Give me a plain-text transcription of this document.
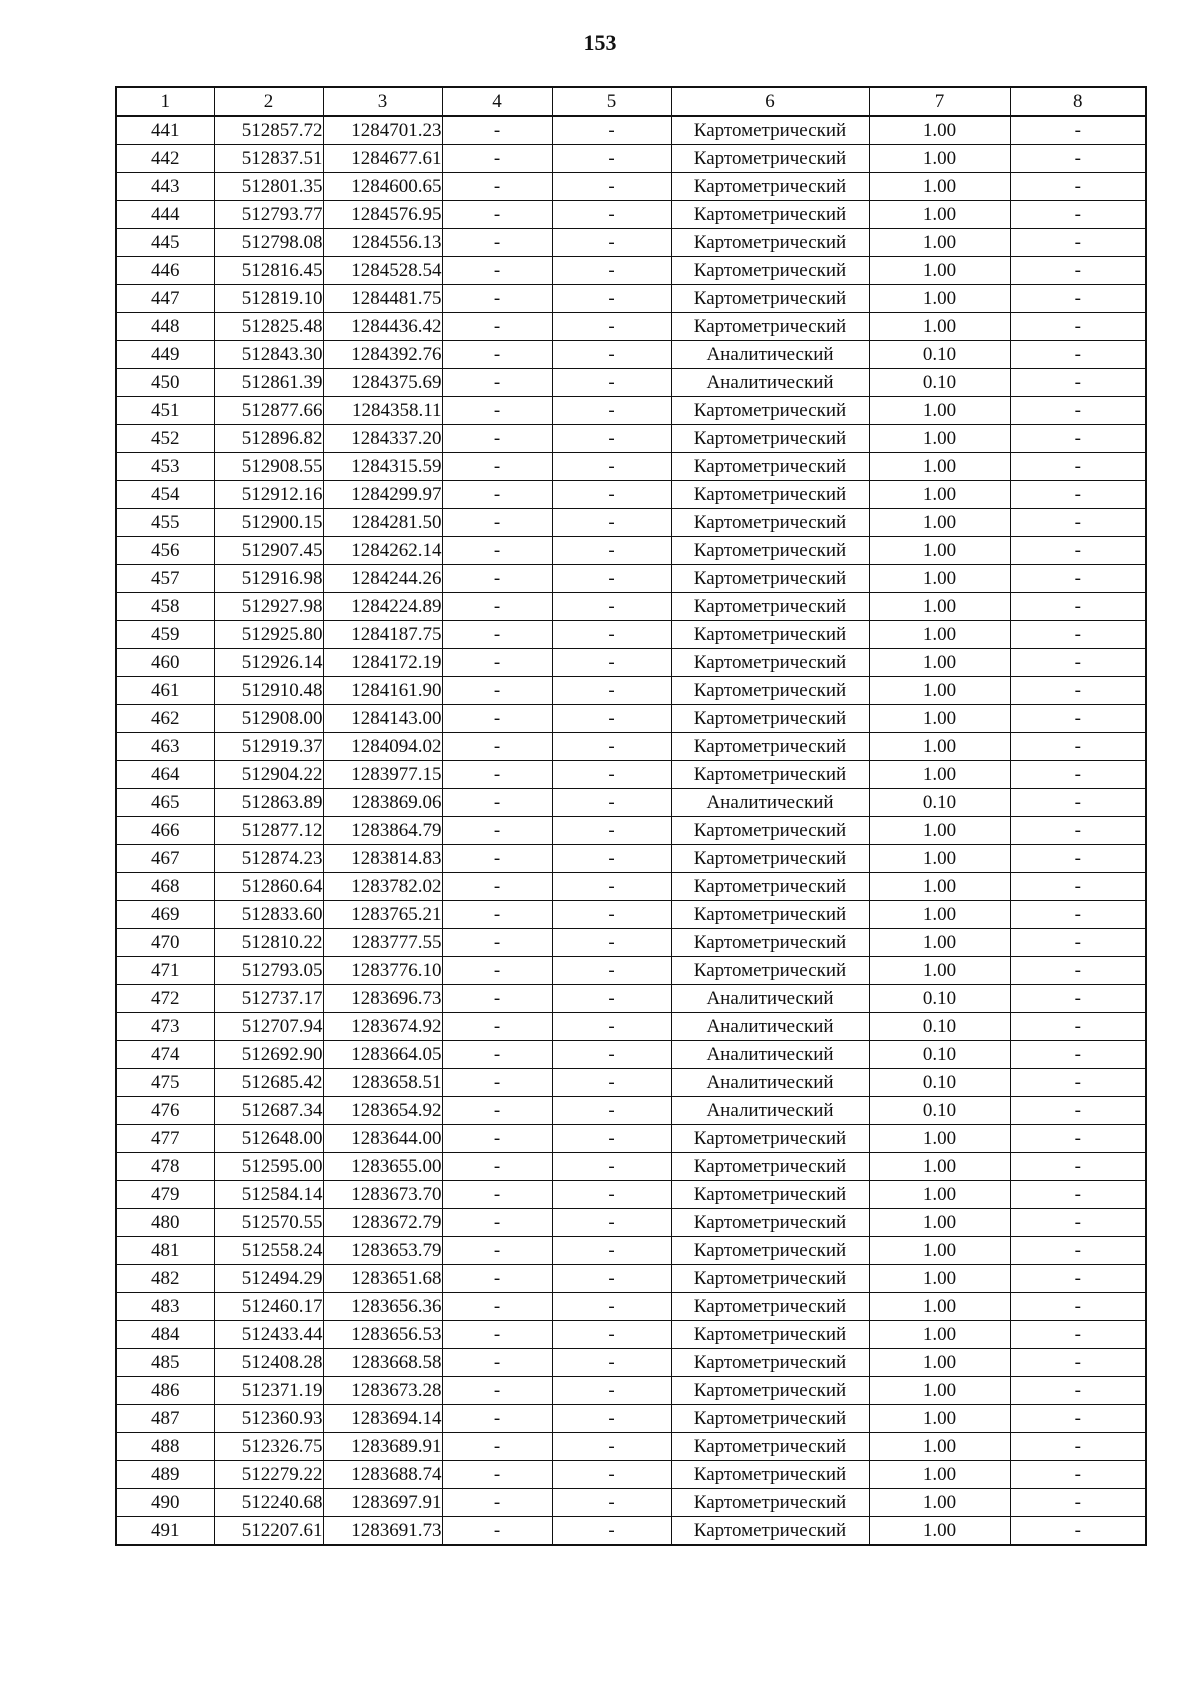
153
1	2	3	4	5	6	7	8
441	512857.72	1284701.23	-	-	Картометрический	1.00	-
442	512837.51	1284677.61	-	-	Картометрический	1.00	-
443	512801.35	1284600.65	-	-	Картометрический	1.00	-
444	512793.77	1284576.95	-	-	Картометрический	1.00	-
445	512798.08	1284556.13	-	-	Картометрический	1.00	-
446	512816.45	1284528.54	-	-	Картометрический	1.00	-
447	512819.10	1284481.75	-	-	Картометрический	1.00	-
448	512825.48	1284436.42	-	-	Картометрический	1.00	-
449	512843.30	1284392.76	-	-	Аналитический	0.10	-
450	512861.39	1284375.69	-	-	Аналитический	0.10	-
451	512877.66	1284358.11	-	-	Картометрический	1.00	-
452	512896.82	1284337.20	-	-	Картометрический	1.00	-
453	512908.55	1284315.59	-	-	Картометрический	1.00	-
454	512912.16	1284299.97	-	-	Картометрический	1.00	-
455	512900.15	1284281.50	-	-	Картометрический	1.00	-
456	512907.45	1284262.14	-	-	Картометрический	1.00	-
457	512916.98	1284244.26	-	-	Картометрический	1.00	-
458	512927.98	1284224.89	-	-	Картометрический	1.00	-
459	512925.80	1284187.75	-	-	Картометрический	1.00	-
460	512926.14	1284172.19	-	-	Картометрический	1.00	-
461	512910.48	1284161.90	-	-	Картометрический	1.00	-
462	512908.00	1284143.00	-	-	Картометрический	1.00	-
463	512919.37	1284094.02	-	-	Картометрический	1.00	-
464	512904.22	1283977.15	-	-	Картометрический	1.00	-
465	512863.89	1283869.06	-	-	Аналитический	0.10	-
466	512877.12	1283864.79	-	-	Картометрический	1.00	-
467	512874.23	1283814.83	-	-	Картометрический	1.00	-
468	512860.64	1283782.02	-	-	Картометрический	1.00	-
469	512833.60	1283765.21	-	-	Картометрический	1.00	-
470	512810.22	1283777.55	-	-	Картометрический	1.00	-
471	512793.05	1283776.10	-	-	Картометрический	1.00	-
472	512737.17	1283696.73	-	-	Аналитический	0.10	-
473	512707.94	1283674.92	-	-	Аналитический	0.10	-
474	512692.90	1283664.05	-	-	Аналитический	0.10	-
475	512685.42	1283658.51	-	-	Аналитический	0.10	-
476	512687.34	1283654.92	-	-	Аналитический	0.10	-
477	512648.00	1283644.00	-	-	Картометрический	1.00	-
478	512595.00	1283655.00	-	-	Картометрический	1.00	-
479	512584.14	1283673.70	-	-	Картометрический	1.00	-
480	512570.55	1283672.79	-	-	Картометрический	1.00	-
481	512558.24	1283653.79	-	-	Картометрический	1.00	-
482	512494.29	1283651.68	-	-	Картометрический	1.00	-
483	512460.17	1283656.36	-	-	Картометрический	1.00	-
484	512433.44	1283656.53	-	-	Картометрический	1.00	-
485	512408.28	1283668.58	-	-	Картометрический	1.00	-
486	512371.19	1283673.28	-	-	Картометрический	1.00	-
487	512360.93	1283694.14	-	-	Картометрический	1.00	-
488	512326.75	1283689.91	-	-	Картометрический	1.00	-
489	512279.22	1283688.74	-	-	Картометрический	1.00	-
490	512240.68	1283697.91	-	-	Картометрический	1.00	-
491	512207.61	1283691.73	-	-	Картометрический	1.00	-
